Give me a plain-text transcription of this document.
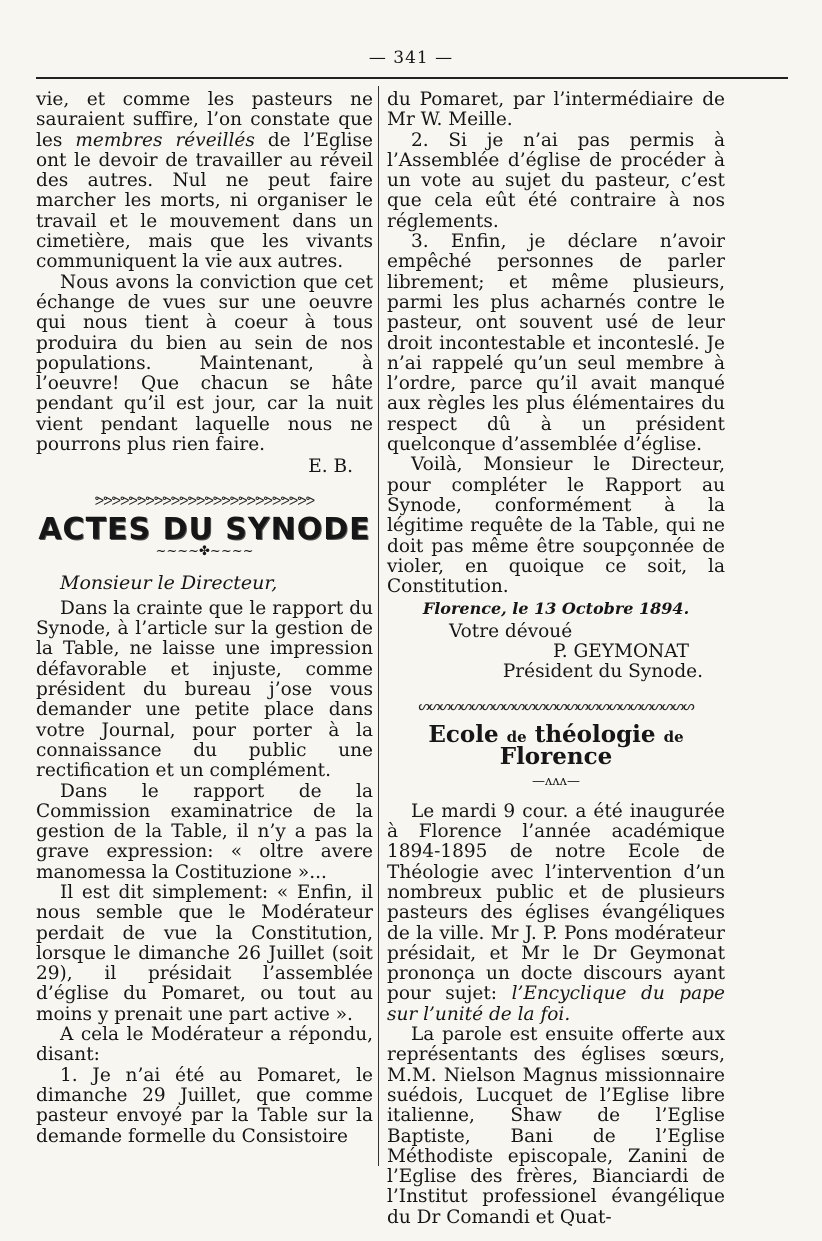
— 341 —

vie, et comme les pasteurs ne sauraient suffire, l’on constate que les membres réveillés de l’Eglise ont le devoir de travailler au réveil des autres. Nul ne peut faire marcher les morts, ni organiser le travail et le mouvement dans un cimetière, mais que les vivants communiquent la vie aux autres.

Nous avons la conviction que cet échange de vues sur une oeuvre qui nous tient à coeur à tous produira du bien au sein de nos populations. Maintenant, à l’oeuvre! Que chacun se hâte pendant qu’il est jour, car la nuit vient pendant laquelle nous ne pourrons plus rien faire.

E. B.
ᕗᕗᕗᕗᕗᕗᕗᕗᕗᕗᕗᕗᕗᕗᕗᕗᕗᕗᕗᕗᕗᕗᕗᕗᕗᕗ
ACTES DU SYNODE
~~~~✤~~~~
Monsieur le Directeur,

Dans la crainte que le rapport du Synode, à l’article sur la gestion de la Table, ne laisse une impression défavorable et injuste, comme président du bureau j’ose vous demander une petite place dans votre Journal, pour porter à la connaissance du public une rectification et un complément.

Dans le rapport de la Commission examinatrice de la gestion de la Table, il n’y a pas la grave expression: « oltre avere manomessa la Costituzione »...

Il est dit simplement: « Enfin, il nous semble que le Modérateur perdait de vue la Constitution, lorsque le dimanche 26 Juillet (soit 29), il présidait l’assemblée d’église du Pomaret, ou tout au moins y prenait une part active ».

A cela le Modérateur a répondu, disant:

1. Je n’ai été au Pomaret, le dimanche 29 Juillet, que comme pasteur envoyé par la Table sur la demande formelle du Consistoire

du Pomaret, par l’intermédiaire de Mr W. Meille.

2. Si je n’ai pas permis à l’Assemblée d’église de procéder à un vote au sujet du pasteur, c’est que cela eût été contraire à nos réglements.

3. Enfin, je déclare n’avoir empêché personnes de parler librement; et même plusieurs, parmi les plus acharnés contre le pasteur, ont souvent usé de leur droit incontestable et inconteslé. Je n’ai rappelé qu’un seul membre à l’ordre, parce qu’il avait manqué aux règles les plus élémentaires du respect dû à un président quelconque d’assemblée d’église.

Voilà, Monsieur le Directeur, pour compléter le Rapport au Synode, conformément à la légitime requête de la Table, qui ne doit pas même être soupçonnée de violer, en quoique ce soit, la Constitution.

Florence, le 13 Octobre 1894.
Votre dévoué
P. GEYMONAT
Président du Synode.
ᔕᔕᔕᔕᔕᔕᔕᔕᔕᔕᔕᔕᔕᔕᔕᔕᔕᔕᔕᔕᔕᔕᔕᔕᔕᔕ
Ecole de théologie de Florence
—ᴧᴧᴧ—

Le mardi 9 cour. a été inaugurée à Florence l’année académique 1894-1895 de notre Ecole de Théologie avec l’intervention d’un nombreux public et de plusieurs pasteurs des églises évangéliques de la ville. Mr J. P. Pons modérateur présidait, et Mr le Dr Geymonat prononça un docte discours ayant pour sujet: l’Encyclique du pape sur l’unité de la foi.

La parole est ensuite offerte aux représentants des églises sœurs, M.M. Nielson Magnus missionnaire suédois, Lucquet de l’Eglise libre italienne, Shaw de l’Eglise Baptiste, Bani de l’Eglise Méthodiste episcopale, Zanini de l’Eglise des frères, Bianciardi de l’Institut professionel évangélique du Dr Comandi et Quat-
